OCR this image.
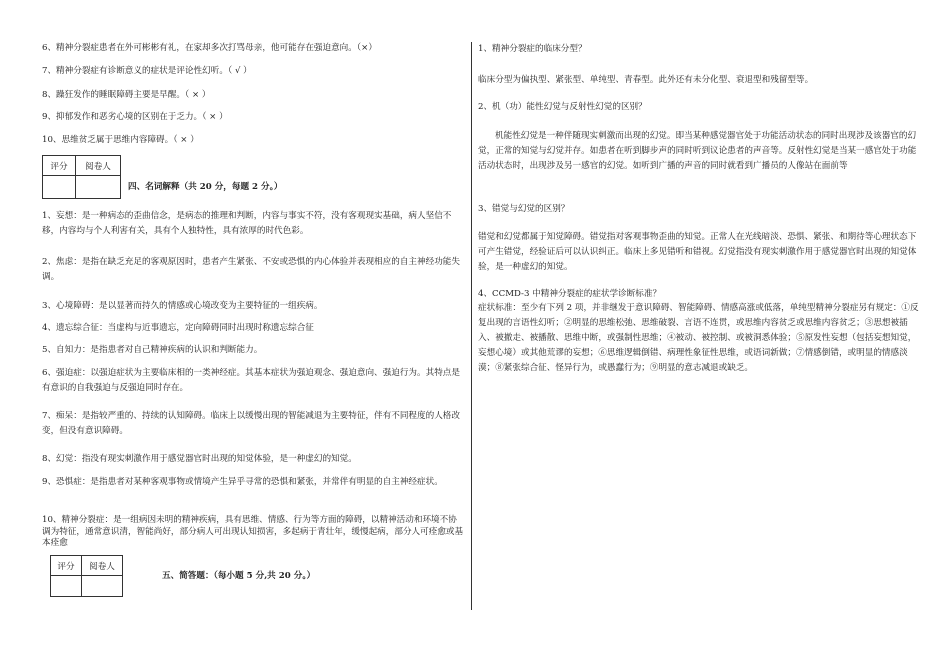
6、精神分裂症患者在外可彬彬有礼，在家却多次打骂母亲，他可能存在强迫意向。（×）
7、精神分裂症有诊断意义的症状是评论性幻听。（ √ ）
8、躁狂发作的睡眠障碍主要是早醒。（ × ）
9、抑郁发作和恶劣心境的区别在于乏力。（ × ）
10、思维贫乏属于思维内容障碍。（ × ）
评分	阅卷人

四、名词解释（共 20 分，每题 2 分。）
1、妄想：是一种病态的歪曲信念，是病态的推理和判断，内容与事实不符，没有客观现实基础，病人坚信不移，内容均与个人利害有关，具有个人独特性，具有浓厚的时代色彩。
2、焦虑：是指在缺乏充足的客观原因时，患者产生紧张、不安或恐惧的内心体验并表现相应的自主神经功能失调。
3、心境障碍：是以显著而持久的情感或心境改变为主要特征的一组疾病。
4、遗忘综合征：当虚构与近事遗忘，定向障碍同时出现时称遗忘综合征
5、自知力：是指患者对自己精神疾病的认识和判断能力。
6、强迫症：以强迫症状为主要临床相的一类神经症。其基本症状为强迫观念、强迫意向、强迫行为。其特点是有意识的自我强迫与反强迫同时存在。
7、痴呆：是指较严重的、持续的认知障碍。临床上以缓慢出现的智能减退为主要特征，伴有不同程度的人格改变，但没有意识障碍。
8、幻觉：指没有现实刺激作用于感觉器官时出现的知觉体验，是一种虚幻的知觉。
9、恐惧症：是指患者对某种客观事物或情境产生异乎寻常的恐惧和紧张，并常伴有明显的自主神经症状。
10、精神分裂症：是一组病因未明的精神疾病，具有思维、情感、行为等方面的障碍，以精神活动和环境不协调为特征，通常意识清，智能尚好，部分病人可出现认知损害，多起病于青壮年，缓慢起病，部分人可痊愈或基本痊愈
评分	阅卷人

五、简答题：（每小题 5 分,共 20 分。）
1、精神分裂症的临床分型？
临床分型为偏执型、紧张型、单纯型、青春型。此外还有未分化型、衰退型和残留型等。
2、机（功）能性幻觉与反射性幻觉的区别？
机能性幻觉是一种伴随现实刺激而出现的幻觉。即当某种感觉器官处于功能活动状态的同时出现涉及该器官的幻觉，正常的知觉与幻觉并存。如患者在听到脚步声的同时听到议论患者的声音等。反射性幻觉是当某一感官处于功能活动状态时，出现涉及另一感官的幻觉。如听到广播的声音的同时就看到广播员的人像站在面前等
3、错觉与幻觉的区别？
错觉和幻觉都属于知觉障碍。错觉指对客观事物歪曲的知觉。正常人在光线暗淡、恐惧、紧张、和期待等心理状态下可产生错觉，经验证后可以认识纠正。临床上多见错听和错视。幻觉指没有现实刺激作用于感觉器官时出现的知觉体验，是一种虚幻的知觉。
4、CCMD-3 中精神分裂症的症状学诊断标准？
症状标准：至少有下列 2 项，并非继发于意识障碍、智能障碍、情感高涨或低落，单纯型精神分裂症另有规定：①反复出现的言语性幻听；②明显的思维松弛、思维破裂、言语不连贯，或思维内容贫乏或思维内容贫乏；③思想被插入、被撤走、被播散、思维中断，或强制性思维；④被动、被控制、或被洞悉体验；⑤原发性妄想（包括妄想知觉，妄想心境）或其他荒谬的妄想；⑥思维逻辑倒错、病理性象征性思维，或语词新做；⑦情感倒错，或明显的情感淡漠；⑧紧张综合征、怪异行为，或愚蠢行为；⑨明显的意志减退或缺乏。
